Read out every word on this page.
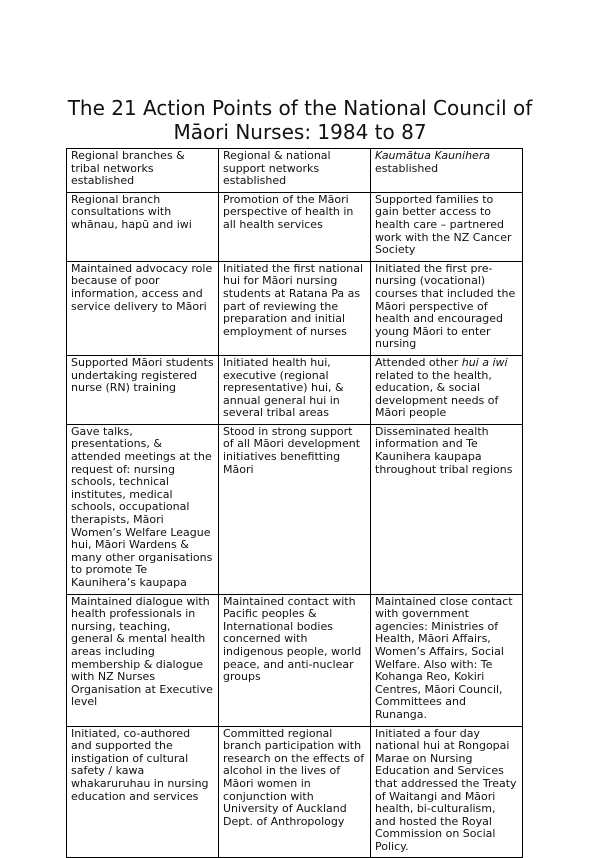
The 21 Action Points of the National Council of
Māori Nurses: 1984 to 87
Regional branches & tribal networks established	Regional & national support networks established	Kaumātua Kaunihera established
Regional branch consultations with whānau, hapū and iwi	Promotion of the Māori perspective of health in all health services	Supported families to gain better access to health care – partnered work with the NZ Cancer Society
Maintained advocacy role because of poor information, access and service delivery to Māori	Initiated the first national hui for Māori nursing students at Ratana Pa as part of reviewing the preparation and initial employment of nurses	Initiated the first pre-nursing (vocational) courses that included the Māori perspective of health and encouraged young Māori to enter nursing
Supported Māori students undertaking registered nurse (RN) training	Initiated health hui, executive (regional representative) hui, & annual general hui in several tribal areas	Attended other hui a iwi related to the health, education, & social development needs of Māori people
Gave talks, presentations, & attended meetings at the request of: nursing schools, technical institutes, medical schools, occupational therapists, Māori Women’s Welfare League hui, Māori Wardens & many other organisations to promote Te Kaunihera’s kaupapa	Stood in strong support of all Māori development initiatives benefitting Māori	Disseminated health information and Te Kaunihera kaupapa throughout tribal regions
Maintained dialogue with health professionals in nursing, teaching, general & mental health areas including membership & dialogue with NZ Nurses Organisation at Executive level	Maintained contact with Pacific peoples & International bodies concerned with indigenous people, world peace, and anti-nuclear groups	Maintained close contact with government agencies: Ministries of Health, Māori Affairs, Women’s Affairs, Social Welfare. Also with: Te Kohanga Reo, Kokiri Centres, Māori Council, Committees and Runanga.
Initiated, co-authored and supported the instigation of cultural safety / kawa whakaruruhau in nursing education and services	Committed regional branch participation with research on the effects of alcohol in the lives of Māori women in conjunction with University of Auckland Dept. of Anthropology	Initiated a four day national hui at Rongopai Marae on Nursing Education and Services that addressed the Treaty of Waitangi and Māori health, bi-culturalism, and hosted the Royal Commission on Social Policy.
